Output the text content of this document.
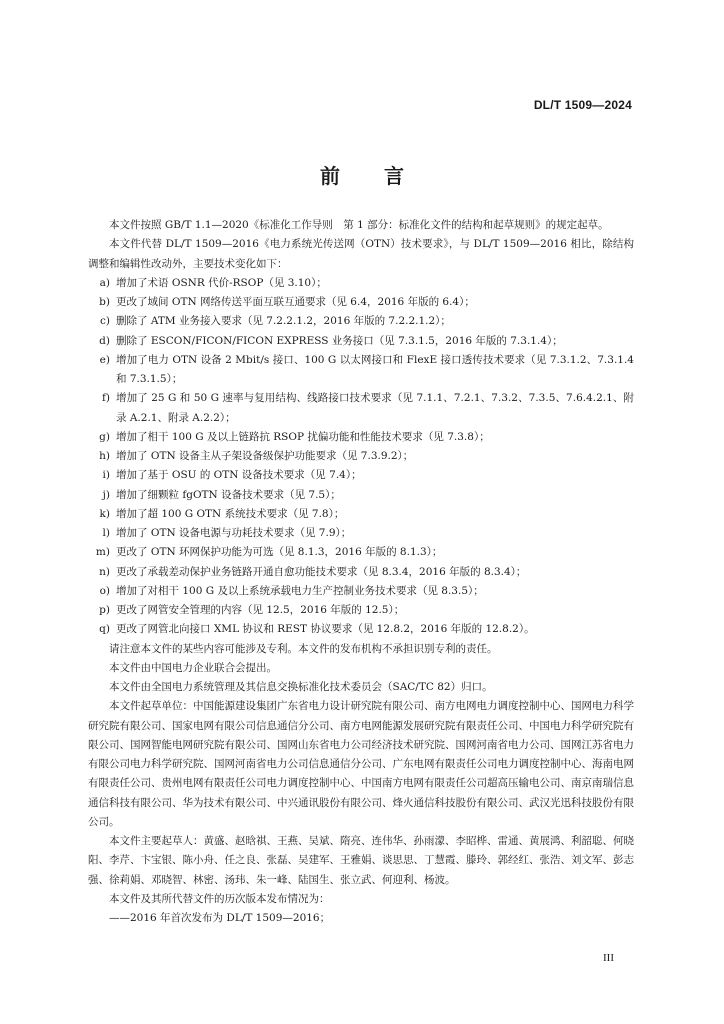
DL/T 1509—2024
前言

本文件按照 GB/T 1.1—2020《标准化工作导则　第 1 部分：标准化文件的结构和起草规则》的规定起草。

本文件代替 DL/T 1509—2016《电力系统光传送网（OTN）技术要求》，与 DL/T 1509—2016 相比，除结构调整和编辑性改动外，主要技术变化如下：

a ) 增加了术语 OSNR 代价-RSOP（见 3.10）；

b ) 更改了域间 OTN 网络传送平面互联互通要求（见 6.4，2016 年版的 6.4）；

c ) 删除了 ATM 业务接入要求（见 7.2.2.1.2，2016 年版的 7.2.2.1.2）；

d ) 删除了 ESCON/FICON/FICON EXPRESS 业务接口（见 7.3.1.5，2016 年版的 7.3.1.4）；

e ) 增加了电力 OTN 设备 2 Mbit/s 接口、100 G 以太网接口和 FlexE 接口透传技术要求（见 7.3.1.2、7.3.1.4 和 7.3.1.5）；

f ) 增加了 25 G 和 50 G 速率与复用结构、线路接口技术要求（见 7.1.1、7.2.1、7.3.2、7.3.5、7.6.4.2.1、附录 A.2.1、附录 A.2.2）；

g ) 增加了相干 100 G 及以上链路抗 RSOP 扰偏功能和性能技术要求（见 7.3.8）；

h ) 增加了 OTN 设备主从子架设备级保护功能要求（见 7.3.9.2）；

i ) 增加了基于 OSU 的 OTN 设备技术要求（见 7.4）；

j ) 增加了细颗粒 fgOTN 设备技术要求（见 7.5）；

k ) 增加了超 100 G OTN 系统技术要求（见 7.8）；

l ) 增加了 OTN 设备电源与功耗技术要求（见 7.9）；

m ) 更改了 OTN 环网保护功能为可选（见 8.1.3，2016 年版的 8.1.3）；

n ) 更改了承载差动保护业务链路开通自愈功能技术要求（见 8.3.4，2016 年版的 8.3.4）；

o ) 增加了对相干 100 G 及以上系统承载电力生产控制业务技术要求（见 8.3.5）；

p ) 更改了网管安全管理的内容（见 12.5，2016 年版的 12.5）；

q ) 更改了网管北向接口 XML 协议和 REST 协议要求（见 12.8.2，2016 年版的 12.8.2）。

请注意本文件的某些内容可能涉及专利。本文件的发布机构不承担识别专利的责任。

本文件由中国电力企业联合会提出。

本文件由全国电力系统管理及其信息交换标准化技术委员会（SAC/TC 82）归口。

本文件起草单位：中国能源建设集团广东省电力设计研究院有限公司、南方电网电力调度控制中心、国网电力科学研究院有限公司、国家电网有限公司信息通信分公司、南方电网能源发展研究院有限责任公司、中国电力科学研究院有限公司、国网智能电网研究院有限公司、国网山东省电力公司经济技术研究院、国网河南省电力公司、国网江苏省电力有限公司电力科学研究院、国网河南省电力公司信息通信分公司、广东电网有限责任公司电力调度控制中心、海南电网有限责任公司、贵州电网有限责任公司电力调度控制中心、中国南方电网有限责任公司超高压输电公司、南京南瑞信息通信科技有限公司、华为技术有限公司、中兴通讯股份有限公司、烽火通信科技股份有限公司、武汉光迅科技股份有限公司。

本文件主要起草人：黄盛、赵晗祺、王燕、吴斌、隋亮、连伟华、孙雨濛、李昭桦、雷通、黄展鸿、利韶聪、何晓阳、李芹、卞宝银、陈小舟、任之良、张磊、吴建军、王雅娟、谈思思、丁慧霞、滕玲、郭经红、张浩、刘文军、彭志强、徐莉娟、邓晓智、林密、汤玮、朱一峰、陆国生、张立武、何迎利、杨波。

本文件及其所代替文件的历次版本发布情况为：

——2016 年首次发布为 DL/T 1509—2016；

III
